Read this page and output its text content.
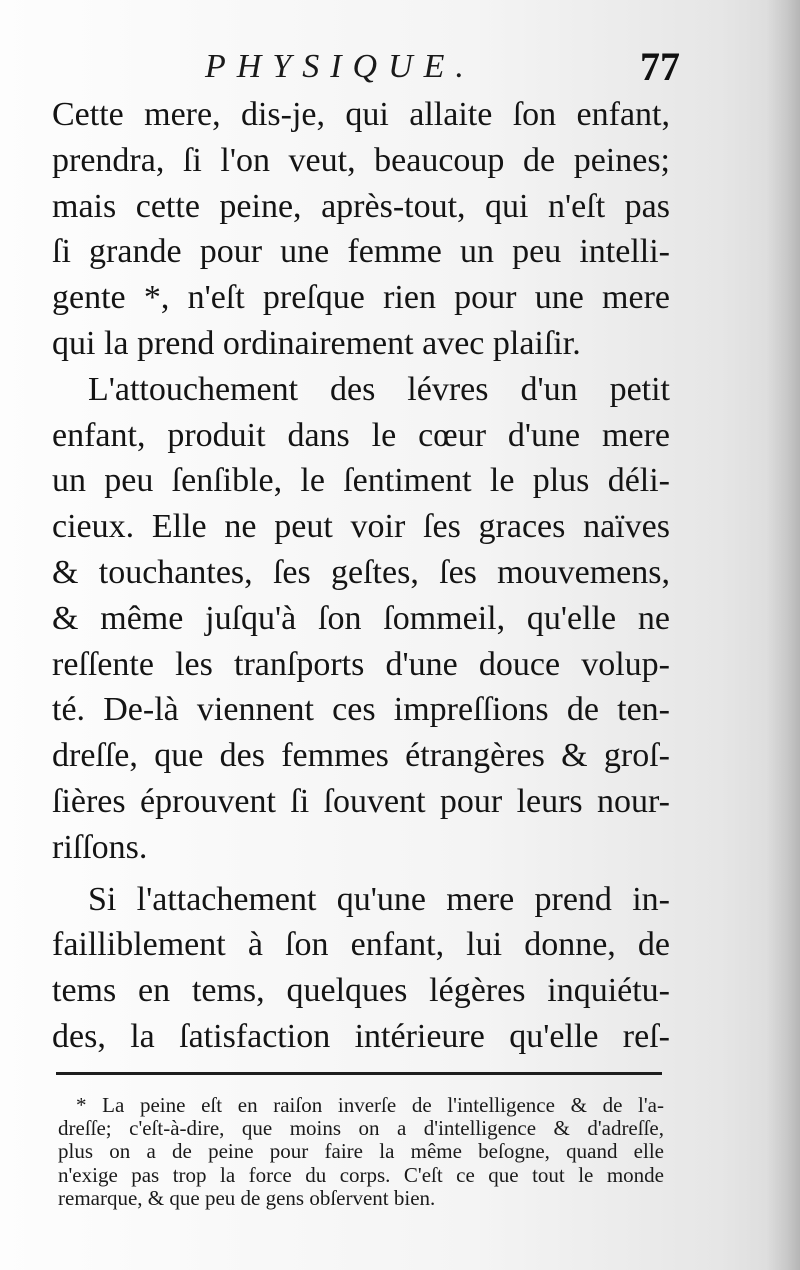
PHYSIQUE.	77
Cette mere, dis-je, qui allaite ſon enfant,
prendra, ſi l'on veut, beaucoup de peines;
mais cette peine, après-tout, qui n'eſt pas
ſi grande pour une femme un peu intelli-
gente *, n'eſt preſque rien pour une mere
qui la prend ordinairement avec plaiſir.
L'attouchement des lévres d'un petit
enfant, produit dans le cœur d'une mere
un peu ſenſible, le ſentiment le plus déli-
cieux. Elle ne peut voir ſes graces naïves
& touchantes, ſes geſtes, ſes mouvemens,
& même juſqu'à ſon ſommeil, qu'elle ne
reſſente les tranſports d'une douce volup-
té. De-là viennent ces impreſſions de ten-
dreſſe, que des femmes étrangères & groſ-
ſières éprouvent ſi ſouvent pour leurs nour-
riſſons.
Si l'attachement qu'une mere prend in-
failliblement à ſon enfant, lui donne, de
tems en tems, quelques légères inquiétu-
des, la ſatisfaction intérieure qu'elle reſ-
* La peine eſt en raiſon inverſe de l'intelligence & de l'a-
dreſſe; c'eſt-à-dire, que moins on a d'intelligence & d'adreſſe,
plus on a de peine pour faire la même beſogne, quand elle
n'exige pas trop la force du corps. C'eſt ce que tout le monde
remarque, & que peu de gens obſervent bien.
